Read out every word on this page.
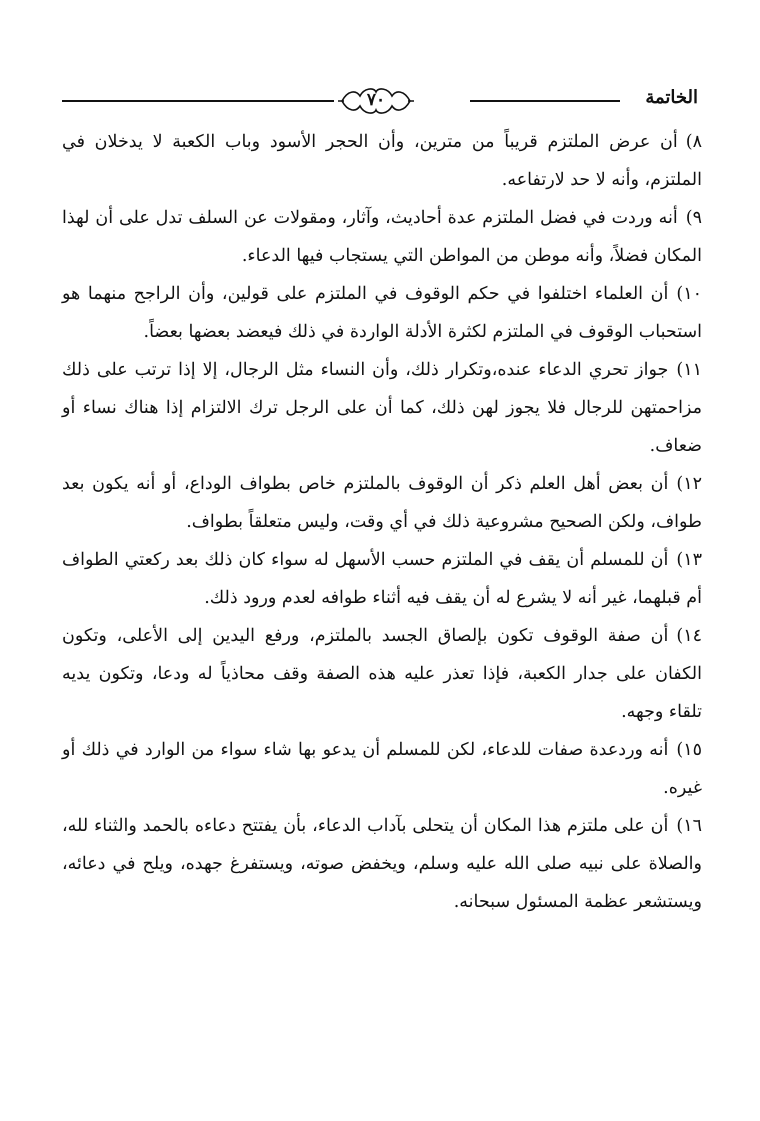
الخاتمة
٧٠

٨)أن عرض الملتزم قريباً من مترين، وأن الحجر الأسود وباب الكعبة لا يدخلان في الملتزم، وأنه لا حد لارتفاعه.

٩)أنه وردت في فضل الملتزم عدة أحاديث، وآثار، ومقولات عن السلف تدل على أن لهذا المكان فضلاً، وأنه موطن من المواطن التي يستجاب فيها الدعاء.

١٠)أن العلماء اختلفوا في حكم الوقوف في الملتزم على قولين، وأن الراجح منهما هو استحباب الوقوف في الملتزم لكثرة الأدلة الواردة في ذلك فيعضد بعضها بعضاً.

١١)جواز تحري الدعاء عنده،وتكرار ذلك، وأن النساء مثل الرجال، إلا إذا ترتب على ذلك مزاحمتهن للرجال فلا يجوز لهن ذلك، كما أن على الرجل ترك الالتزام إذا هناك نساء أو ضعاف.

١٢)أن بعض أهل العلم ذكر أن الوقوف بالملتزم خاص بطواف الوداع، أو أنه يكون بعد طواف، ولكن الصحيح مشروعية ذلك في أي وقت، وليس متعلقاً بطواف.

١٣)أن للمسلم أن يقف في الملتزم حسب الأسهل له سواء كان ذلك بعد ركعتي الطواف أم قبلهما، غير أنه لا يشرع له أن يقف فيه أثناء طوافه لعدم ورود ذلك.

١٤)أن صفة الوقوف تكون بإلصاق الجسد بالملتزم، ورفع اليدين إلى الأعلى، وتكون الكفان على جدار الكعبة، فإذا تعذر عليه هذه الصفة وقف محاذياً له ودعا، وتكون يديه تلقاء وجهه.

١٥)أنه وردعدة صفات للدعاء، لكن للمسلم أن يدعو بها شاء سواء من الوارد في ذلك أو غيره.

١٦)أن على ملتزم هذا المكان أن يتحلى بآداب الدعاء، بأن يفتتح دعاءه بالحمد والثناء لله، والصلاة على نبيه صلى الله عليه وسلم، ويخفض صوته، ويستفرغ جهده، ويلح في دعائه، ويستشعر عظمة المسئول سبحانه.
